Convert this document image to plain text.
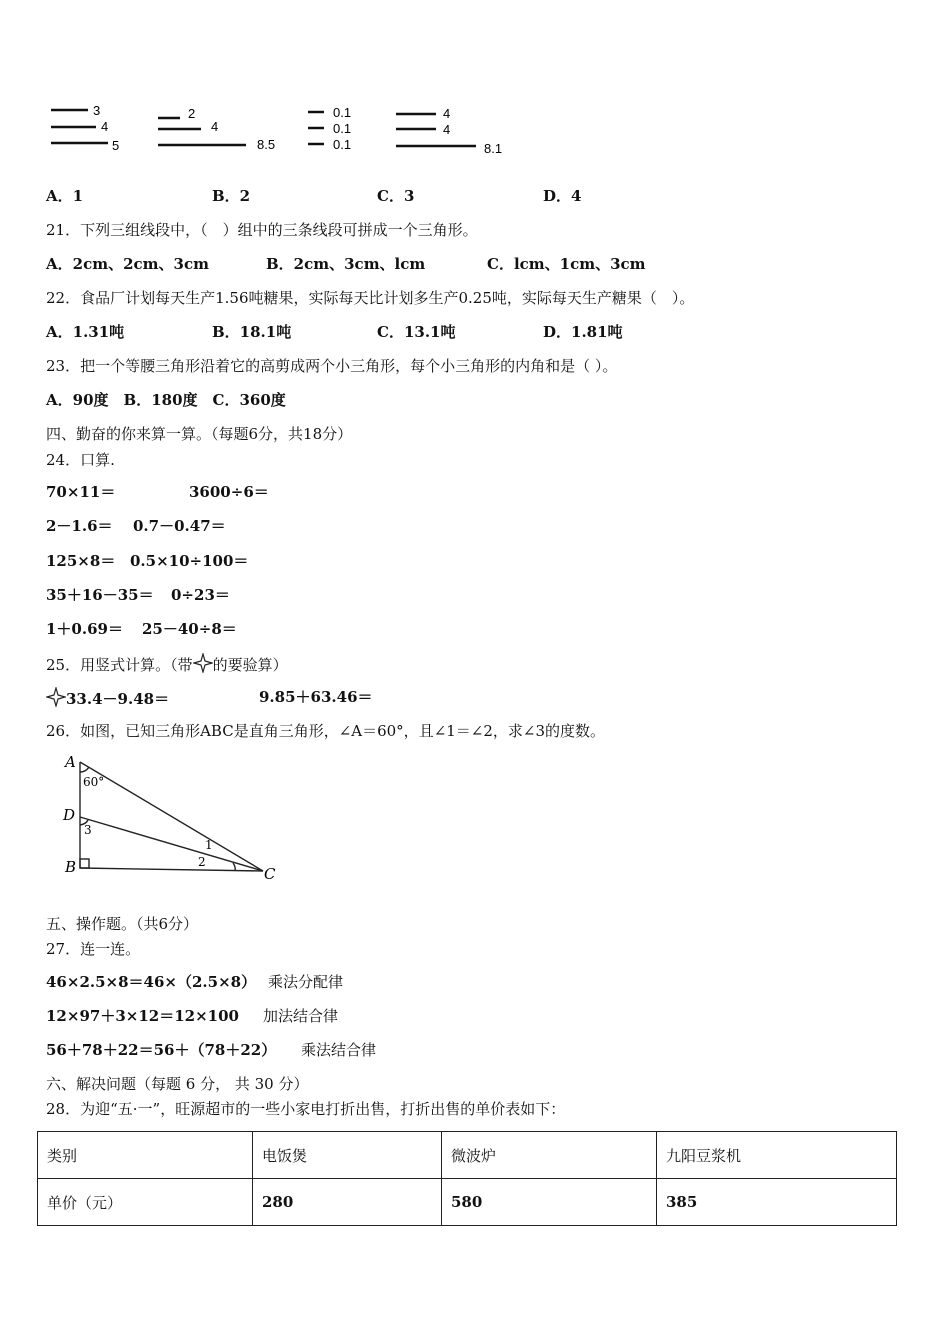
3
4
5
2
4
8.5
0.1
0.1
0.1
4
4
8.1
A．1	B．2	C．3	D．4
21．下列三组线段中，（　）组中的三条线段可拼成一个三角形。
A．2cm、2cm、3cm	B．2cm、3cm、lcm	C．lcm、1cm、3cm
22．食品厂计划每天生产1.56吨糖果，实际每天比计划多生产0.25吨，实际每天生产糖果（　）。
A．1.31吨	B．18.1吨	C．13.1吨	D．1.81吨
23．把一个等腰三角形沿着它的高剪成两个小三角形，每个小三角形的内角和是（ ）。
A．90度　B．180度　C．360度
四、勤奋的你来算一算。（每题6分，共18分）
24．口算.
70×11＝	3600÷6＝
2－1.6＝ 0.7－0.47＝
125×8＝ 0.5×10÷100＝
35＋16－35＝ 0÷23＝
1＋0.69＝ 25－40÷8＝
25．用竖式计算。（带 的要验算）
33.4－9.48＝	9.85＋63.46＝
26．如图，已知三角形ABC是直角三角形，∠A＝60°，且∠1＝∠2，求∠3的度数。
A
D
B	C
60°
3
1
2
五、操作题。（共6分）
27．连一连。
46×2.5×8＝46×（2.5×8） 乘法分配律
12×97＋3×12＝12×100 加法结合律
56＋78＋22＝56＋（78＋22） 乘法结合律
六、解决问题（每题 6 分， 共 30 分）
28．为迎“五·一”，旺源超市的一些小家电打折出售，打折出售的单价表如下：
类别	电饭煲	微波炉	九阳豆浆机
单价（元）	280	580	385
